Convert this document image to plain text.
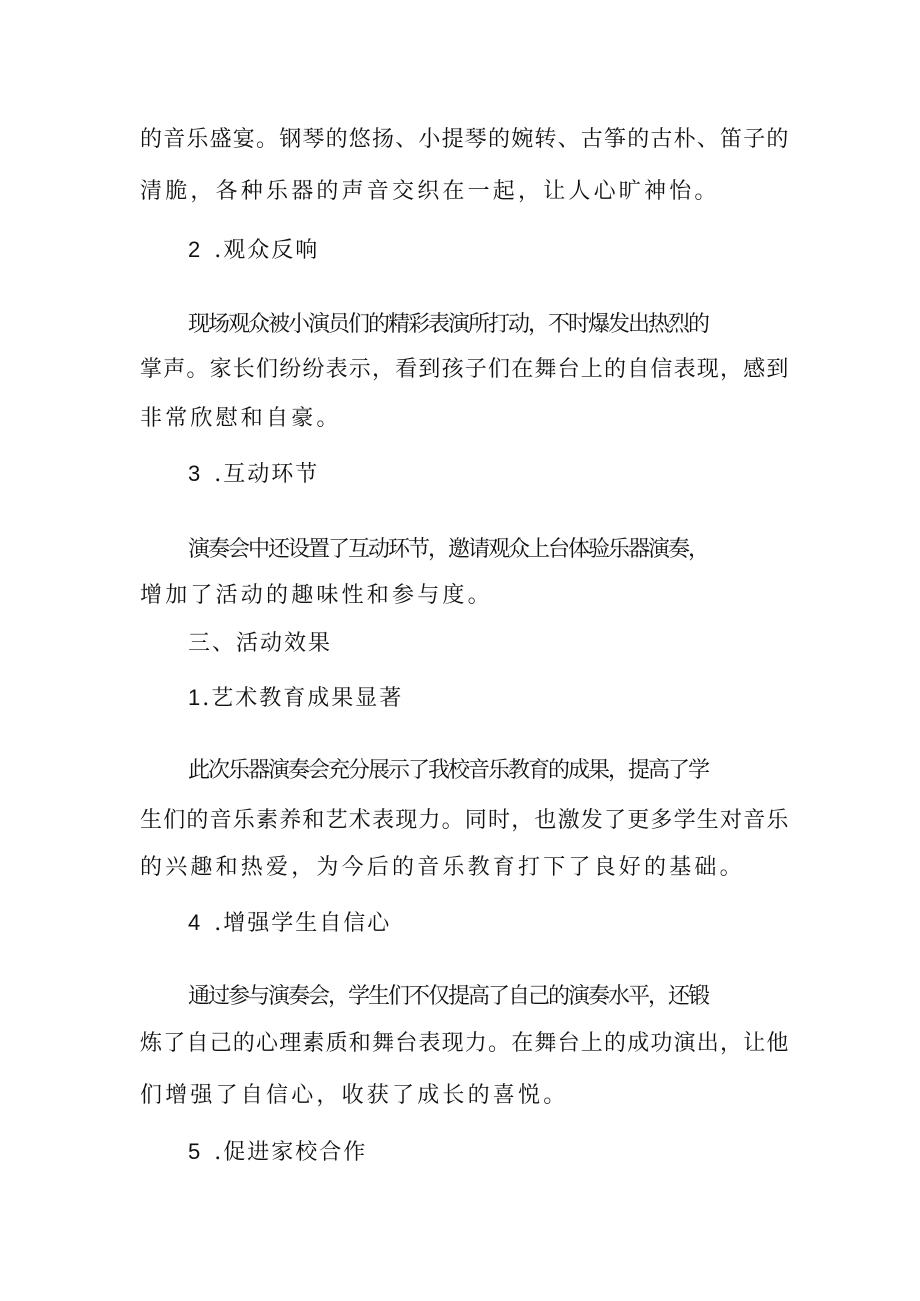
的音乐盛宴。钢琴的悠扬、小提琴的婉转、古筝的古朴、笛子的
清脆，各种乐器的声音交织在一起，让人心旷神怡。
2 .观众反响
现场观众被小演员们的精彩表演所打动，不时爆发出热烈的
掌声。家长们纷纷表示，看到孩子们在舞台上的自信表现，感到
非常欣慰和自豪。
3 .互动环节
演奏会中还设置了互动环节，邀请观众上台体验乐器演奏，
增加了活动的趣味性和参与度。
三、活动效果
1.艺术教育成果显著
此次乐器演奏会充分展示了我校音乐教育的成果，提高了学
生们的音乐素养和艺术表现力。同时，也激发了更多学生对音乐
的兴趣和热爱，为今后的音乐教育打下了良好的基础。
4 .增强学生自信心
通过参与演奏会，学生们不仅提高了自己的演奏水平，还锻
炼了自己的心理素质和舞台表现力。在舞台上的成功演出，让他
们增强了自信心，收获了成长的喜悦。
5 .促进家校合作
